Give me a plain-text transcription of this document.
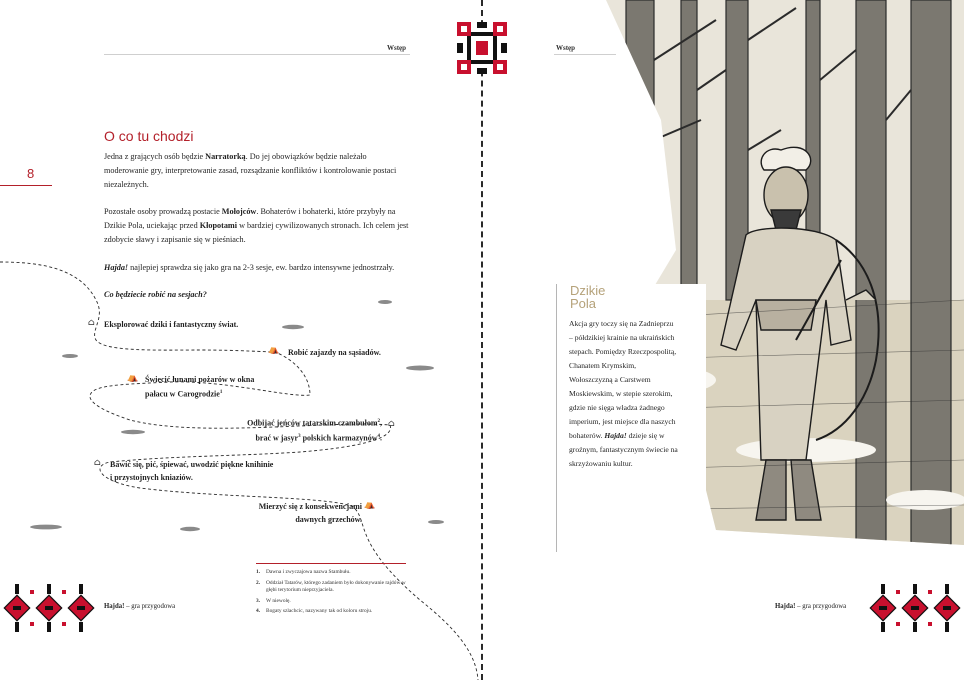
Wstęp
8
O co tu chodzi
Jedna z grających osób będzie Narratorką. Do jej obowiązków będzie należało moderowanie gry, interpretowanie zasad, rozsądzanie konfliktów i kontrolowanie postaci niezależnych.
Pozostałe osoby prowadzą postacie Mołojców. Bohaterów i bohaterki, które przybyły na Dzikie Pola, uciekając przed Kłopotami w bardziej cywilizowanych stronach. Ich celem jest zdobycie sławy i zapisanie się w pieśniach.
Hajda! najlepiej sprawdza się jako gra na 2-3 sesje, ew. bardzo intensywne jednostrzały.
Co będziecie robić na sesjach?
⌂ Eksplorować dziki i fantastyczny świat.
⛺ Robić zajazdy na sąsiadów.
⛺ Świecić łunami pożarów w okna
pałacu w Carogrodzie$^1$
Odbijać jeńców tatarskim czambułom$^2$,
brać w jasyr$^3$ polskich karmazynów$^4$.
⌂
⌂ Bawić się, pić, śpiewać, uwodzić piękne knihinie
i przystojnych kniaziów.
Mierzyć się z konsekwencjami
dawnych grzechów.
⛺
1.	Dawna i zwyczajowa nazwa Stambułu.
2.	Oddział Tatarów, którego zadaniem było dokonywanie rajdów w głębi terytorium nieprzyjaciela.
3.	W niewolę.
4.	Bogaty szlachcic, nazywany tak od koloru stroju.
Hajda! – gra przygodowa
Wstęp
Dzikie
Pola
Akcja gry toczy się na Zadnieprzu – półdzikiej krainie na ukraińskich stepach. Pomiędzy Rzeczpospolitą, Chanatem Krymskim, Wołoszczyzną a Carstwem Moskiewskim, w stepie szerokim, gdzie nie sięga władza żadnego imperium, jest miejsce dla naszych bohaterów. Hajda! dzieje się w groźnym, fantastycznym świecie na skrzyżowaniu kultur.
Hajda! – gra przygodowa
